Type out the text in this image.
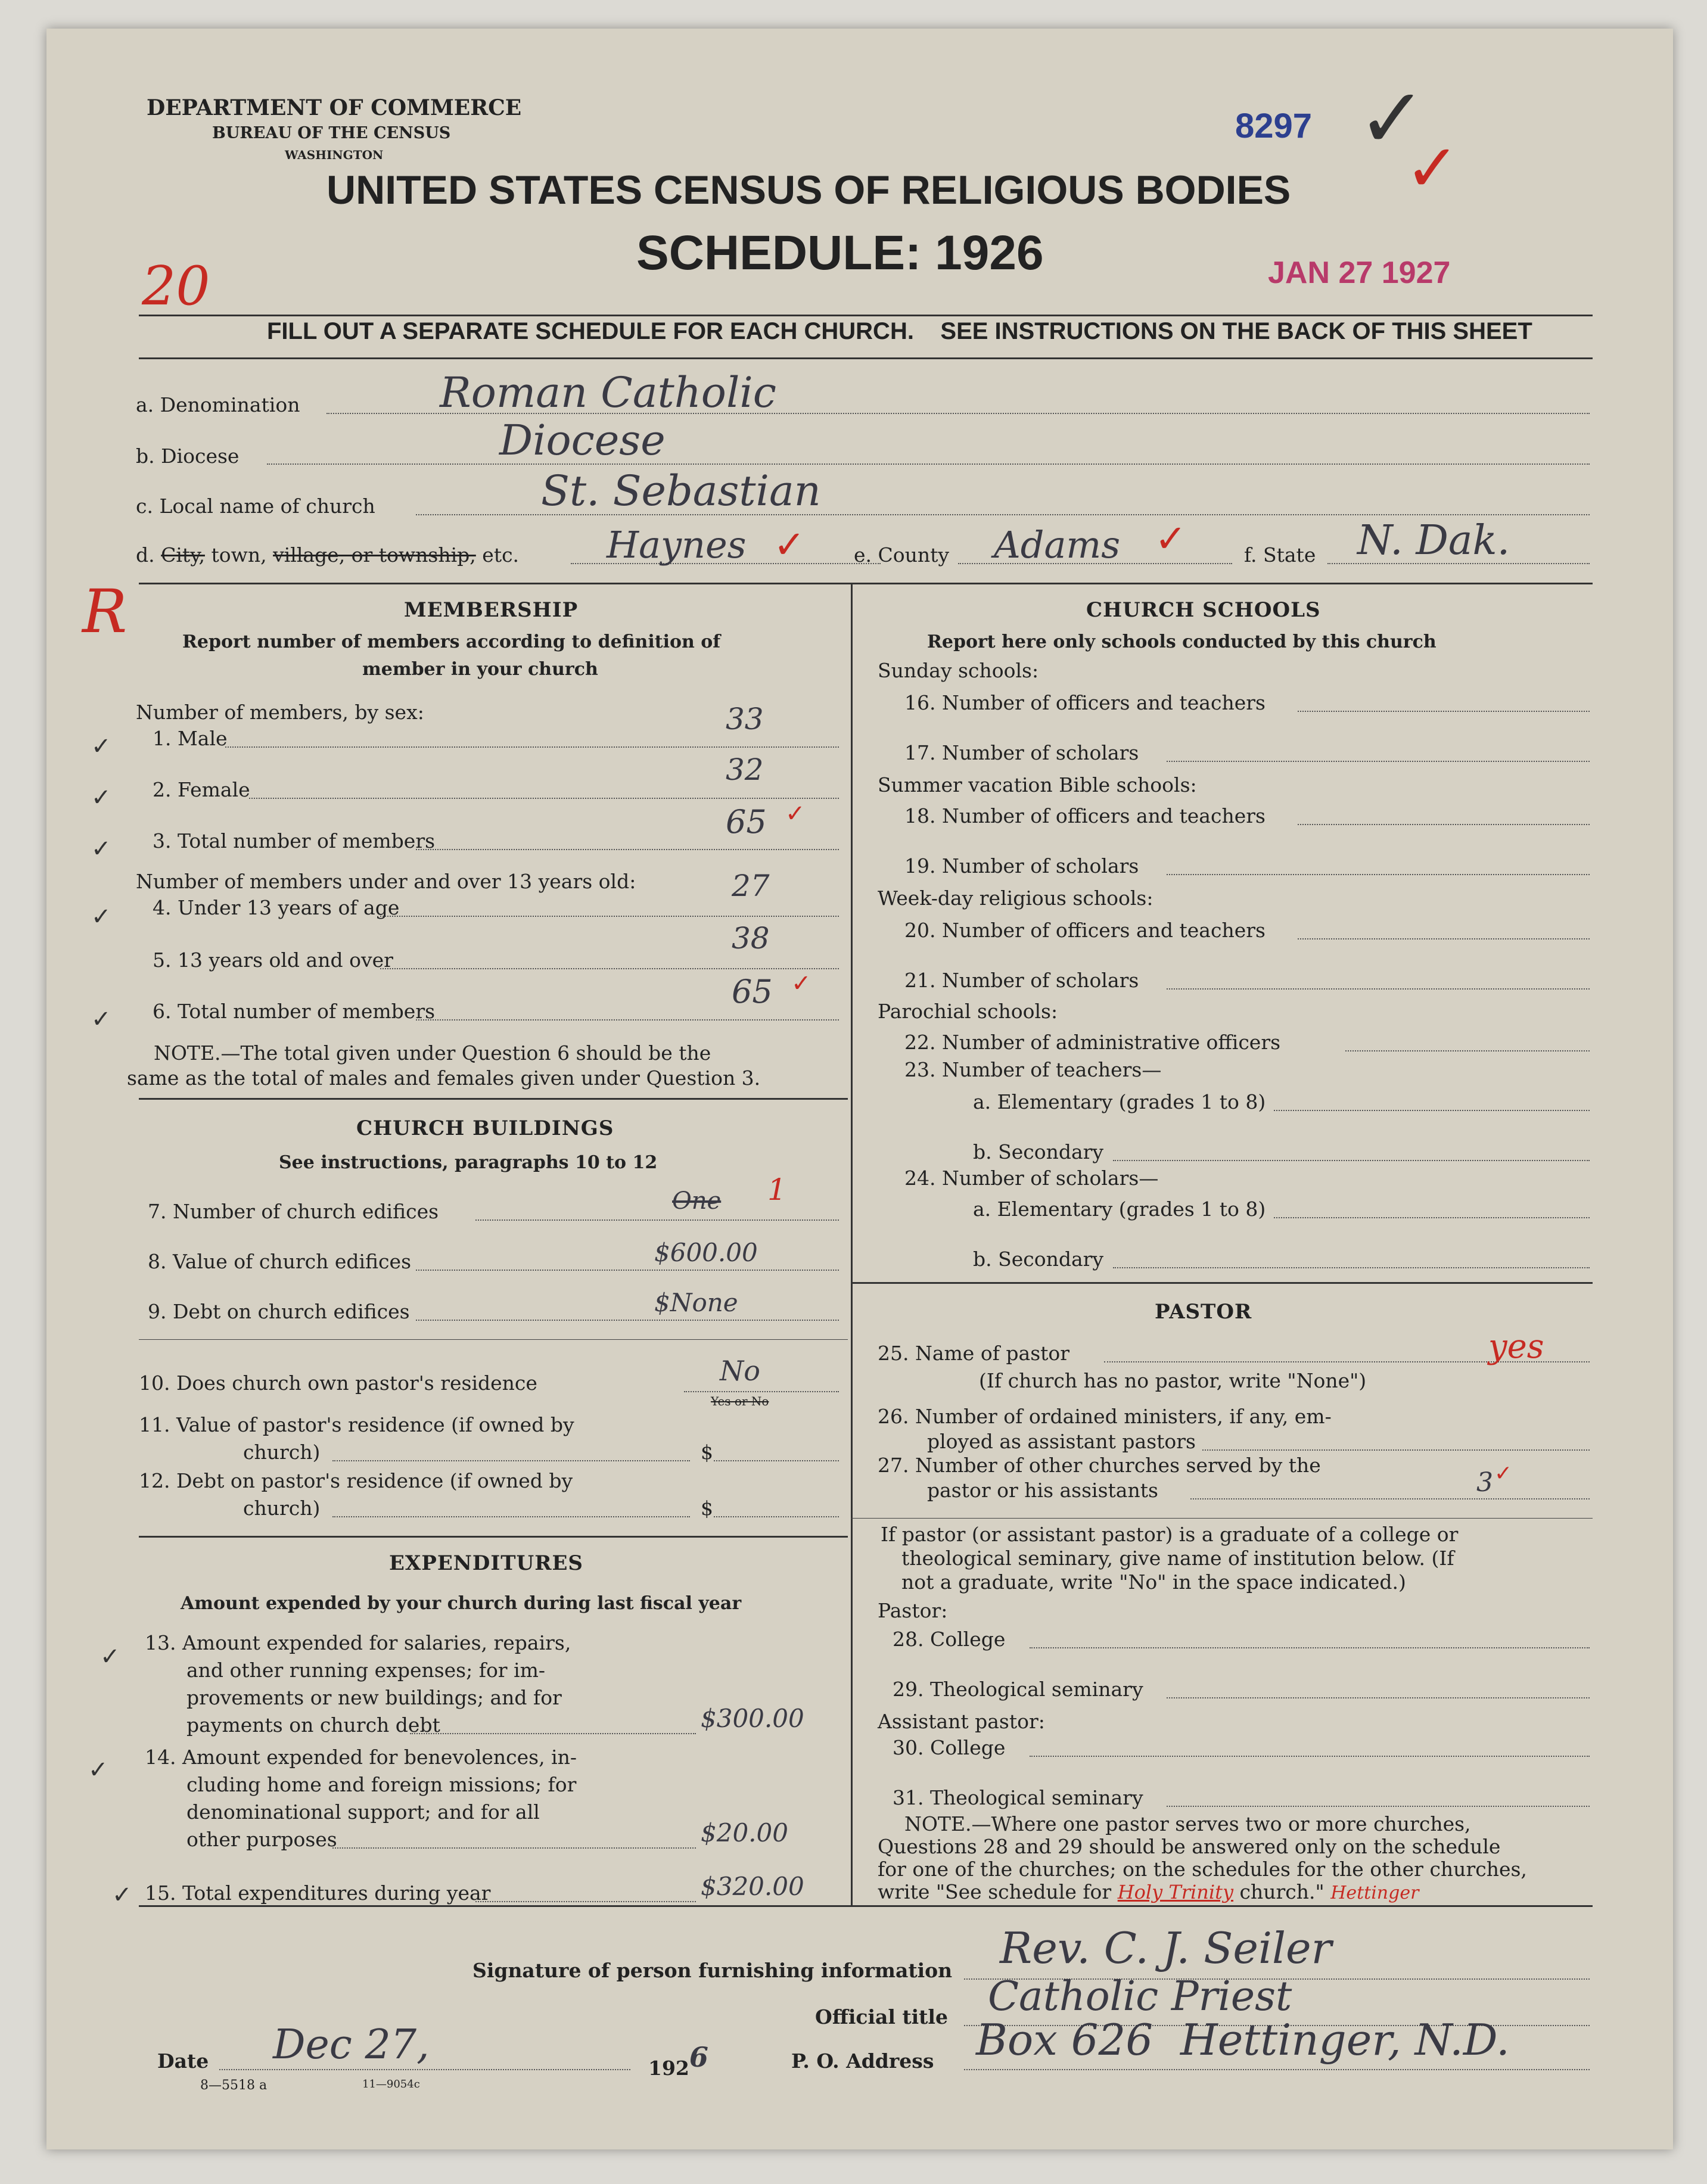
DEPARTMENT OF COMMERCE
BUREAU OF THE CENSUS
WASHINGTON
UNITED STATES CENSUS OF RELIGIOUS BODIES
SCHEDULE: 1926
8297 ✓
✓
JAN 27 1927
20
R
FILL OUT A SEPARATE SCHEDULE FOR EACH CHURCH.    SEE INSTRUCTIONS ON THE BACK OF THIS SHEET
a. Denomination	Roman Catholic
b. Diocese	Diocese
c. Local name of church	St. Sebastian
d. City, town, village, or township, etc. Haynes ✓ e. County Adams ✓	f. State N. Dak.
MEMBERSHIP
Report number of members according to definition of
member in your church
Number of members, by sex:
✓ 1. Male
33
✓ 2. Female
32
✓ 3. Total number of members
65 ✓
Number of members under and over 13 years old:
✓ 4. Under 13 years of age
27
5. 13 years old and over
38
✓ 6. Total number of members
65 ✓
NOTE.—The total given under Question 6 should be the
same as the total of males and females given under Question 3.
CHURCH BUILDINGS
See instructions, paragraphs 10 to 12
7. Number of church edifices	One 1
8. Value of church edifices	$600.00
9. Debt on church edifices	$None
10. Does church own pastor's residence	No
Yes or No
11. Value of pastor's residence (if owned by
church)	$
12. Debt on pastor's residence (if owned by
church)	$
EXPENDITURES
Amount expended by your church during last fiscal year
✓
13. Amount expended for salaries, repairs,
and other running expenses; for im-
provements or new buildings; and for
payments on church debt	$300.00
✓ 14. Amount expended for benevolences, in-
cluding home and foreign missions; for
denominational support; and for all
other purposes	$20.00
✓ 15. Total expenditures during year	$320.00
CHURCH SCHOOLS
Report here only schools conducted by this church
Sunday schools:
16. Number of officers and teachers
17. Number of scholars
Summer vacation Bible schools:
18. Number of officers and teachers
19. Number of scholars
Week-day religious schools:
20. Number of officers and teachers
21. Number of scholars
Parochial schools:
22. Number of administrative officers
23. Number of teachers—
a. Elementary (grades 1 to 8)
b. Secondary
24. Number of scholars—
a. Elementary (grades 1 to 8)
b. Secondary
PASTOR
25. Name of pastor	yes
(If church has no pastor, write "None")
26. Number of ordained ministers, if any, em-
ployed as assistant pastors
27. Number of other churches served by the
pastor or his assistants	3 ✓
If pastor (or assistant pastor) is a graduate of a college or
theological seminary, give name of institution below. (If
not a graduate, write "No" in the space indicated.)
Pastor:
28. College
29. Theological seminary
Assistant pastor:
30. College
31. Theological seminary
NOTE.—Where one pastor serves two or more churches,
Questions 28 and 29 should be answered only on the schedule
for one of the churches; on the schedules for the other churches,
write "See schedule for Holy Trinity church." Hettinger
Signature of person furnishing information Rev. C. J. Seiler
Official title Catholic Priest
Date Dec 27,	1926	P. O. Address Box 626  Hettinger, N.D.
8—5518 a	11—9054c
